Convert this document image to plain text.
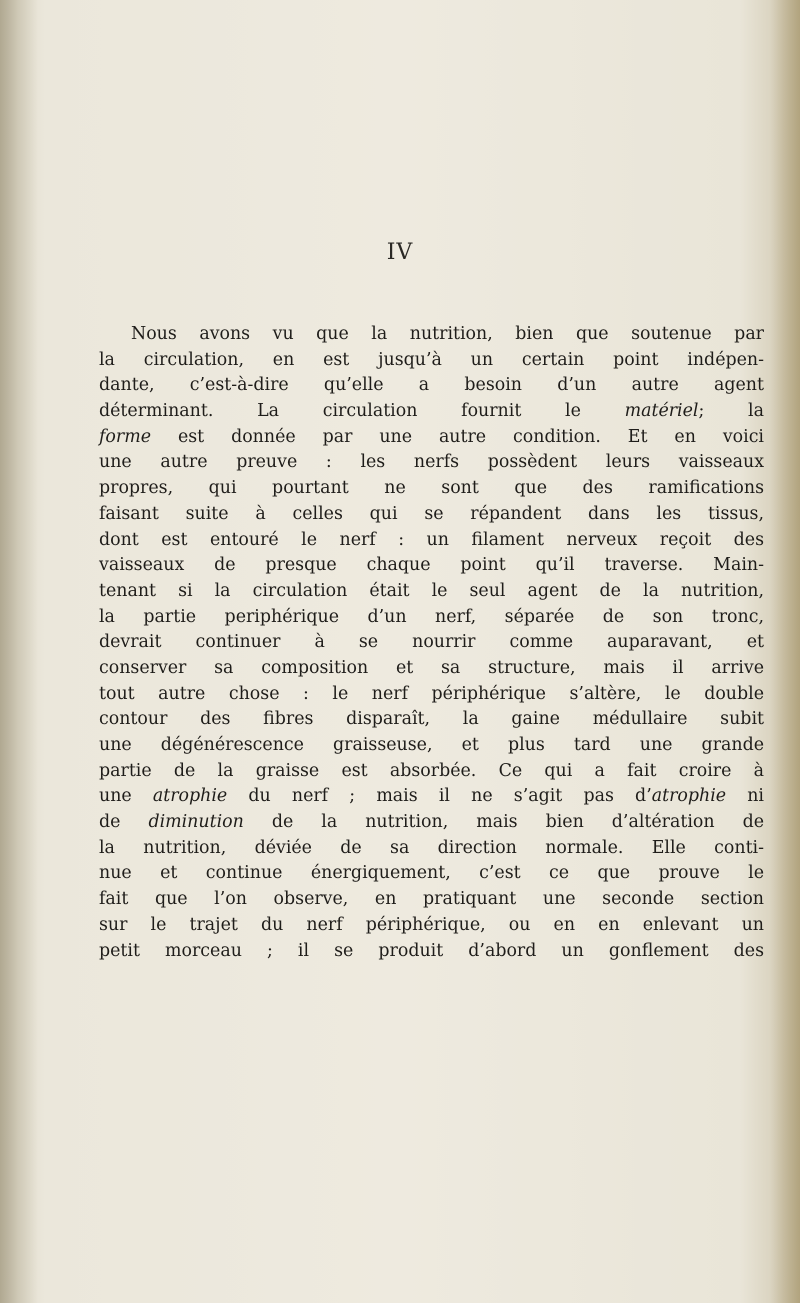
IV
Nous avons vu que la nutrition, bien que soutenue par
la circulation, en est jusqu’à un certain point indépen-
dante, c’est-à-dire qu’elle a besoin d’un autre agent
déterminant. La circulation fournit le matériel; la
forme est donnée par une autre condition. Et en voici
une autre preuve : les nerfs possèdent leurs vaisseaux
propres, qui pourtant ne sont que des ramifications
faisant suite à celles qui se répandent dans les tissus,
dont est entouré le nerf : un filament nerveux reçoit des
vaisseaux de presque chaque point qu’il traverse. Main-
tenant si la circulation était le seul agent de la nutrition,
la partie periphérique d’un nerf, séparée de son tronc,
devrait continuer à se nourrir comme auparavant, et
conserver sa composition et sa structure, mais il arrive
tout autre chose : le nerf périphérique s’altère, le double
contour des fibres disparaît, la gaine médullaire subit
une dégénérescence graisseuse, et plus tard une grande
partie de la graisse est absorbée. Ce qui a fait croire à
une atrophie du nerf ; mais il ne s’agit pas d’atrophie ni
de diminution de la nutrition, mais bien d’altération de
la nutrition, déviée de sa direction normale. Elle conti-
nue et continue énergiquement, c’est ce que prouve le
fait que l’on observe, en pratiquant une seconde section
sur le trajet du nerf périphérique, ou en en enlevant un
petit morceau ; il se produit d’abord un gonflement des
